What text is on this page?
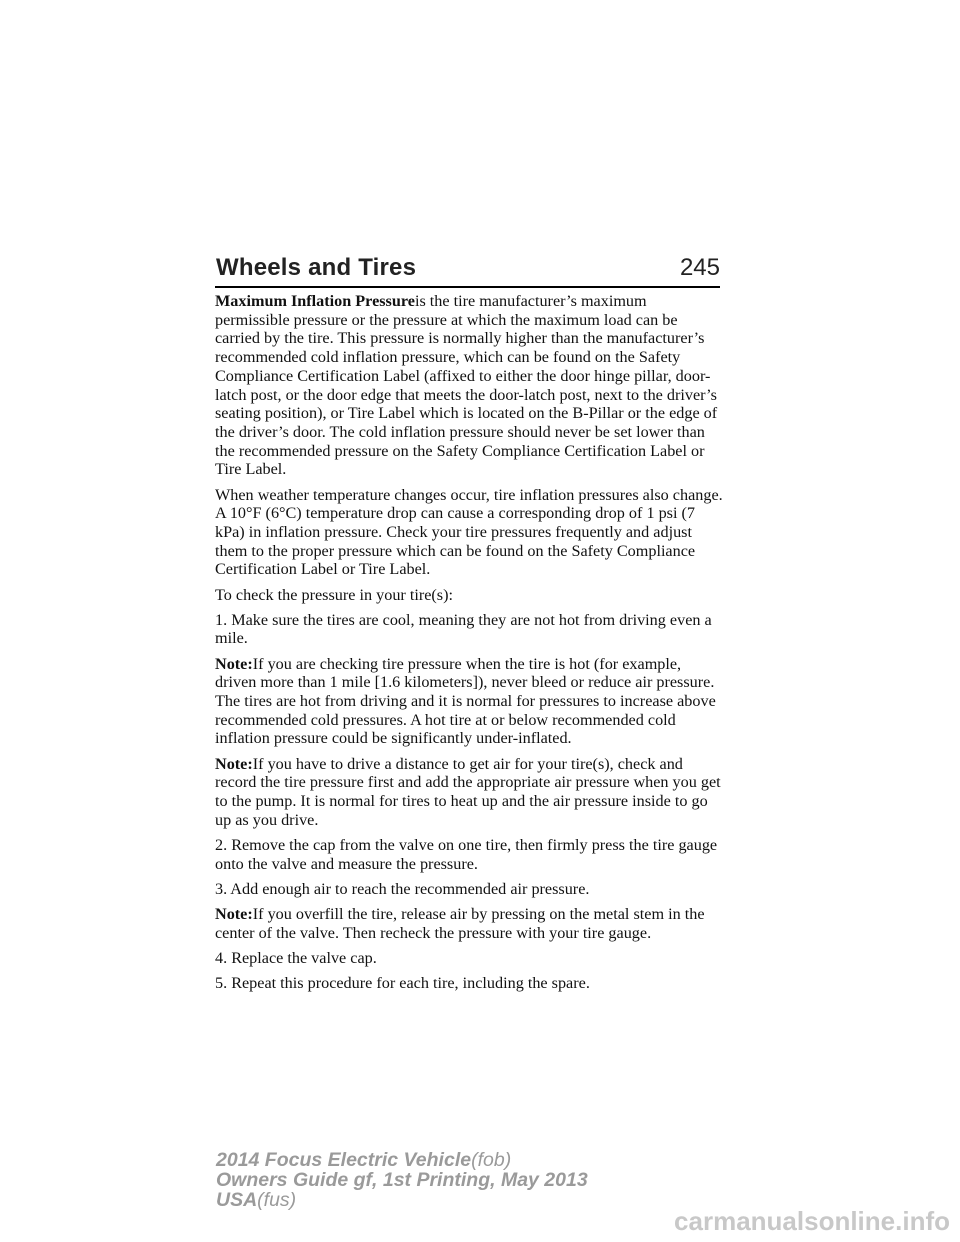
Wheels and Tires	245

Maximum Inflation Pressureis the tire manufacturer’s maximum permissible pressure or the pressure at which the maximum load can be carried by the tire. This pressure is normally higher than the manufacturer’s recommended cold inflation pressure, which can be found on the Safety Compliance Certification Label (affixed to either the door hinge pillar, door-latch post, or the door edge that meets the door-latch post, next to the driver’s seating position), or Tire Label which is located on the B-Pillar or the edge of the driver’s door. The cold inflation pressure should never be set lower than the recommended pressure on the Safety Compliance Certification Label or Tire Label.

When weather temperature changes occur, tire inflation pressures also change. A 10°F (6°C) temperature drop can cause a corresponding drop of 1 psi (7 kPa) in inflation pressure. Check your tire pressures frequently and adjust them to the proper pressure which can be found on the Safety Compliance Certification Label or Tire Label.

To check the pressure in your tire(s):

1. Make sure the tires are cool, meaning they are not hot from driving even a mile.

Note:If you are checking tire pressure when the tire is hot (for example, driven more than 1 mile [1.6 kilometers]), never bleed or reduce air pressure. The tires are hot from driving and it is normal for pressures to increase above recommended cold pressures. A hot tire at or below recommended cold inflation pressure could be significantly under-inflated.

Note:If you have to drive a distance to get air for your tire(s), check and record the tire pressure first and add the appropriate air pressure when you get to the pump. It is normal for tires to heat up and the air pressure inside to go up as you drive.

2. Remove the cap from the valve on one tire, then firmly press the tire gauge onto the valve and measure the pressure.

3. Add enough air to reach the recommended air pressure.

Note:If you overfill the tire, release air by pressing on the metal stem in the center of the valve. Then recheck the pressure with your tire gauge.

4. Replace the valve cap.

5. Repeat this procedure for each tire, including the spare.

2014 Focus Electric Vehicle(fob)
Owners Guide gf, 1st Printing, May 2013
USA(fus)
carmanualsonline.info
